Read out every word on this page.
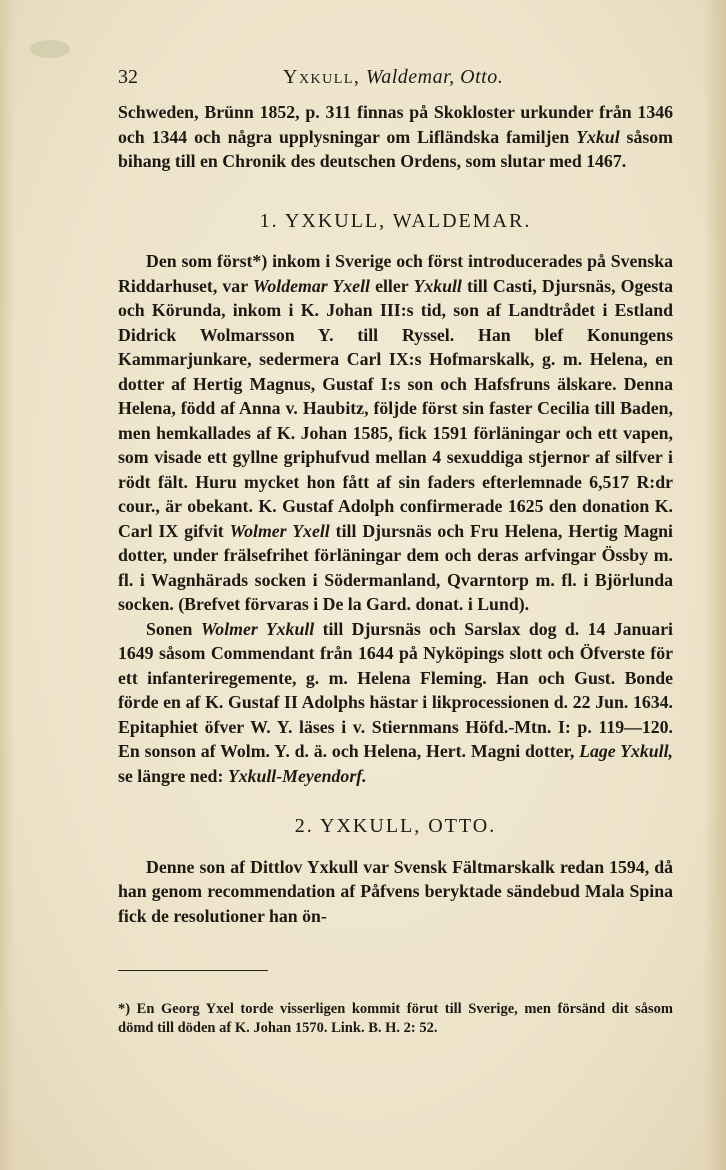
32	Yxkull, Waldemar, Otto.

Schweden, Brünn 1852, p. 311 finnas på Skokloster urkunder från 1346 och 1344 och några upplysningar om Lifländska familjen Yxkul såsom bihang till en Chronik des deutschen Ordens, som slutar med 1467.

1. YXKULL, WALDEMAR.

Den som först*) inkom i Sverige och först introducerades på Svenska Riddarhuset, var Woldemar Yxell eller Yxkull till Casti, Djursnäs, Ogesta och Körunda, inkom i K. Johan III:s tid, son af Landtrådet i Estland Didrick Wolmarsson Y. till Ryssel. Han blef Konungens Kammarjunkare, sedermera Carl IX:s Hofmarskalk, g. m. Helena, en dotter af Hertig Magnus, Gustaf I:s son och Hafsfruns älskare. Denna Helena, född af Anna v. Haubitz, följde först sin faster Cecilia till Baden, men hemkallades af K. Johan 1585, fick 1591 förläningar och ett vapen, som visade ett gyllne griphufvud mellan 4 sexuddiga stjernor af silfver i rödt fält. Huru mycket hon fått af sin faders efterlemnade 6,517 R:dr cour., är obekant. K. Gustaf Adolph confirmerade 1625 den donation K. Carl IX gifvit Wolmer Yxell till Djursnäs och Fru Helena, Hertig Magni dotter, under frälsefrihet förläningar dem och deras arfvingar Össby m. fl. i Wagnhärads socken i Södermanland, Qvarntorp m. fl. i Björlunda socken. (Brefvet förvaras i De la Gard. donat. i Lund).

Sonen Wolmer Yxkull till Djursnäs och Sarslax dog d. 14 Januari 1649 såsom Commendant från 1644 på Nyköpings slott och Öfverste för ett infanteriregemente, g. m. Helena Fleming. Han och Gust. Bonde förde en af K. Gustaf II Adolphs hästar i likprocessionen d. 22 Jun. 1634. Epitaphiet öfver W. Y. läses i v. Stiernmans Höfd.-Mtn. I: p. 119—120. En sonson af Wolm. Y. d. ä. och Helena, Hert. Magni dotter, Lage Yxkull, se längre ned: Yxkull-Meyendorf.

2. YXKULL, OTTO.

Denne son af Dittlov Yxkull var Svensk Fältmarskalk redan 1594, då han genom recommendation af Påfvens beryktade sändebud Mala Spina fick de resolutioner han ön-

*) En Georg Yxel torde visserligen kommit förut till Sverige, men försänd dit såsom dömd till döden af K. Johan 1570. Link. B. H. 2: 52.
